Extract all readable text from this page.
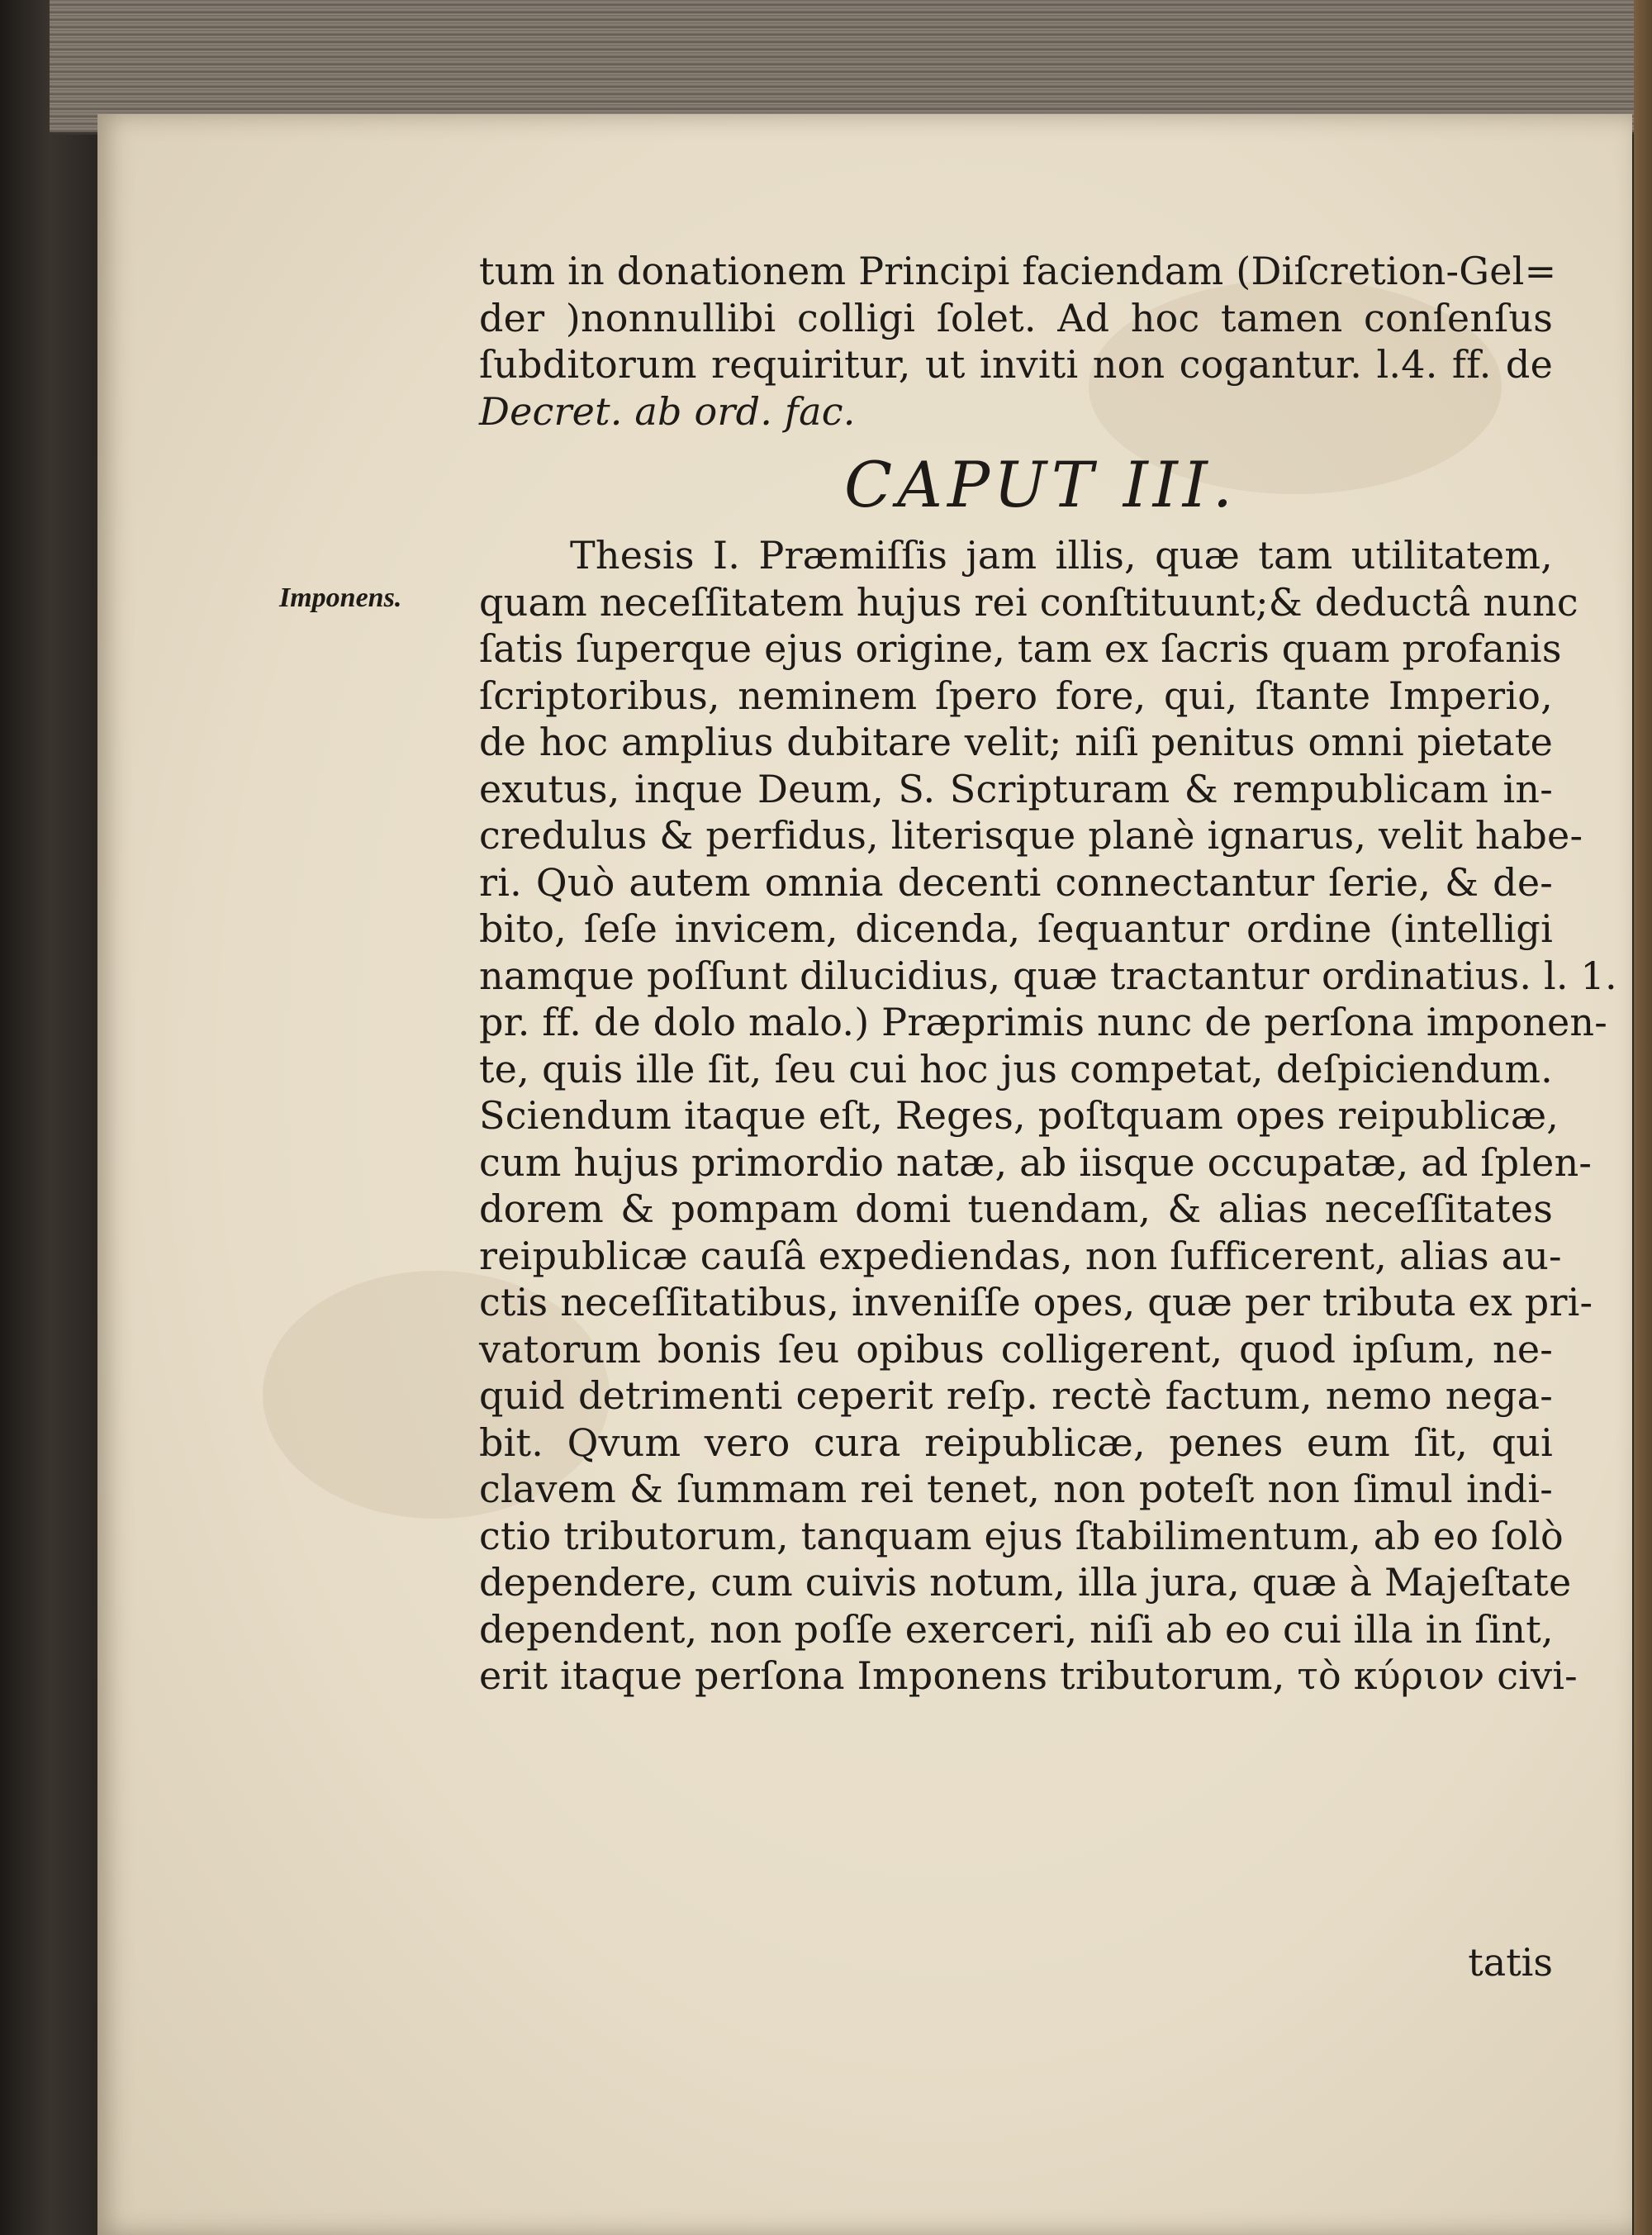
Imponens.
tum in donationem Principi faciendam (Diſcretion-Gel=
der )nonnullibi colligi ſolet. Ad hoc tamen conſenſus
ſubditorum requiritur, ut inviti non cogantur. l.4. ff. de
Decret. ab ord. fac.
CAPUT III.
Thesis I. Præmiſſis jam illis, quæ tam utilitatem,
quam neceſſitatem hujus rei conſtituunt;& deductâ nunc
ſatis ſuperque ejus origine, tam ex ſacris quam profanis
ſcriptoribus, neminem ſpero fore, qui, ſtante Imperio,
de hoc amplius dubitare velit; niſi penitus omni pietate
exutus, inque Deum, S. Scripturam & rempublicam in-
credulus & perfidus, literisque planè ignarus, velit habe-
ri. Quò autem omnia decenti connectantur ſerie, & de-
bito, ſeſe invicem, dicenda, ſequantur ordine (intelligi
namque poſſunt dilucidius, quæ tractantur ordinatius. l. 1.
pr. ff. de dolo malo.) Præprimis nunc de perſona imponen-
te, quis ille ſit, ſeu cui hoc jus competat, deſpiciendum.
Sciendum itaque eſt, Reges, poſtquam opes reipublicæ,
cum hujus primordio natæ, ab iisque occupatæ, ad ſplen-
dorem & pompam domi tuendam, & alias neceſſitates
reipublicæ cauſâ expediendas, non ſufficerent, alias au-
ctis neceſſitatibus, inveniſſe opes, quæ per tributa ex pri-
vatorum bonis ſeu opibus colligerent, quod ipſum, ne-
quid detrimenti ceperit reſp. rectè factum, nemo nega-
bit. Qvum vero cura reipublicæ, penes eum ſit, qui
clavem & ſummam rei tenet, non poteſt non ſimul indi-
ctio tributorum, tanquam ejus ſtabilimentum, ab eo ſolò
dependere, cum cuivis notum, illa jura, quæ à Majeſtate
dependent, non poſſe exerceri, niſi ab eo cui illa in ſint,
erit itaque perſona Imponens tributorum, τὸ κύριον civi-
tatis
